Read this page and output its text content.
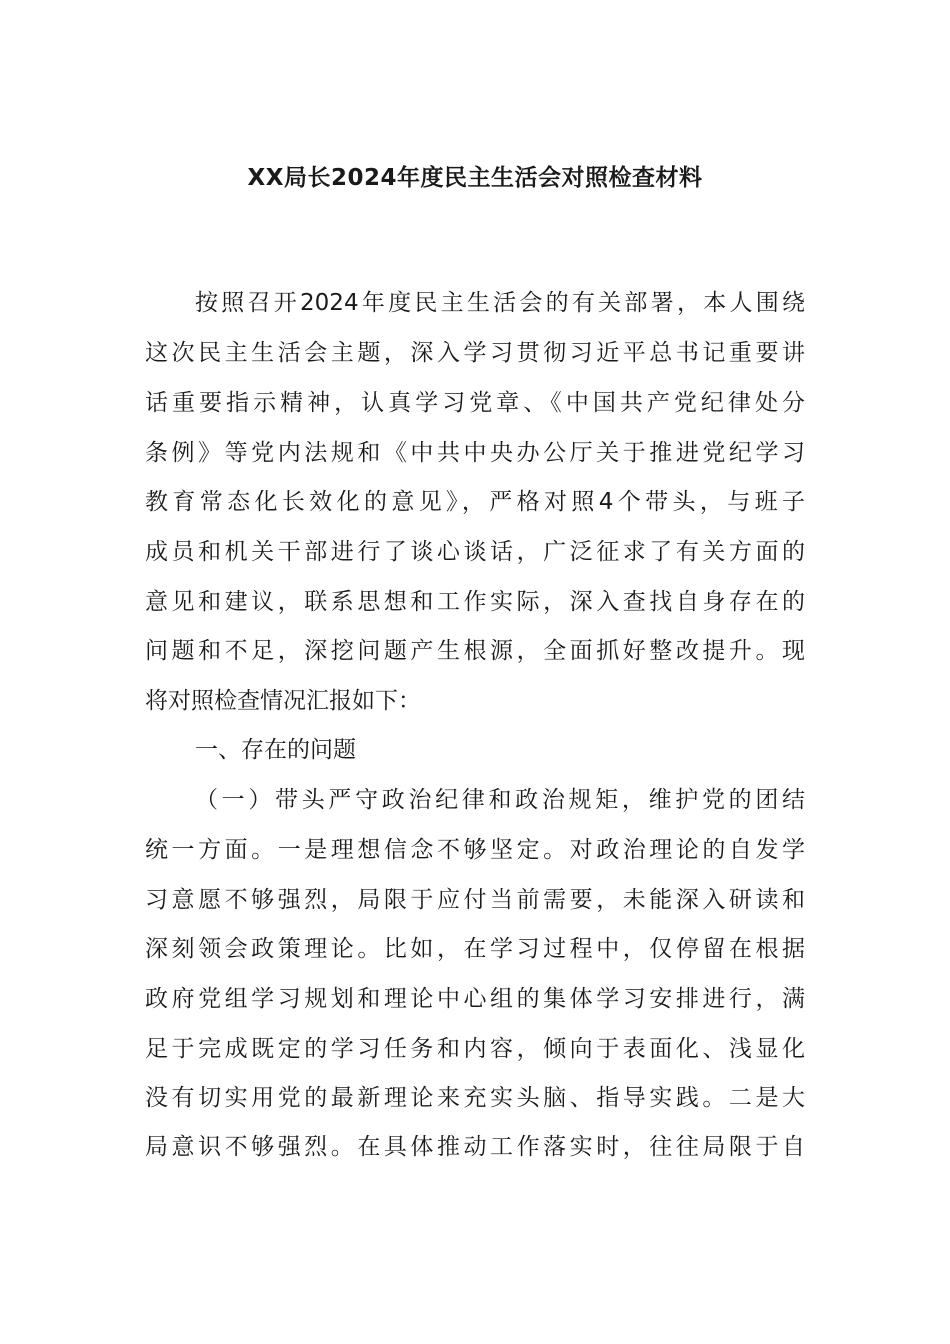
XX局长2024年度民主生活会对照检查材料
按照召开2024年度民主生活会的有关部署，本人围绕
这次民主生活会主题，深入学习贯彻习近平总书记重要讲
话重要指示精神，认真学习党章、《中国共产党纪律处分
条例》等党内法规和《中共中央办公厅关于推进党纪学习
教育常态化长效化的意见》，严格对照4个带头，与班子
成员和机关干部进行了谈心谈话，广泛征求了有关方面的
意见和建议，联系思想和工作实际，深入查找自身存在的
问题和不足，深挖问题产生根源，全面抓好整改提升。现
将对照检查情况汇报如下：
一、存在的问题
（一）带头严守政治纪律和政治规矩，维护党的团结
统一方面。一是理想信念不够坚定。对政治理论的自发学
习意愿不够强烈，局限于应付当前需要，未能深入研读和
深刻领会政策理论。比如，在学习过程中，仅停留在根据
政府党组学习规划和理论中心组的集体学习安排进行，满
足于完成既定的学习任务和内容，倾向于表面化、浅显化
没有切实用党的最新理论来充实头脑、指导实践。二是大
局意识不够强烈。在具体推动工作落实时，往往局限于自
